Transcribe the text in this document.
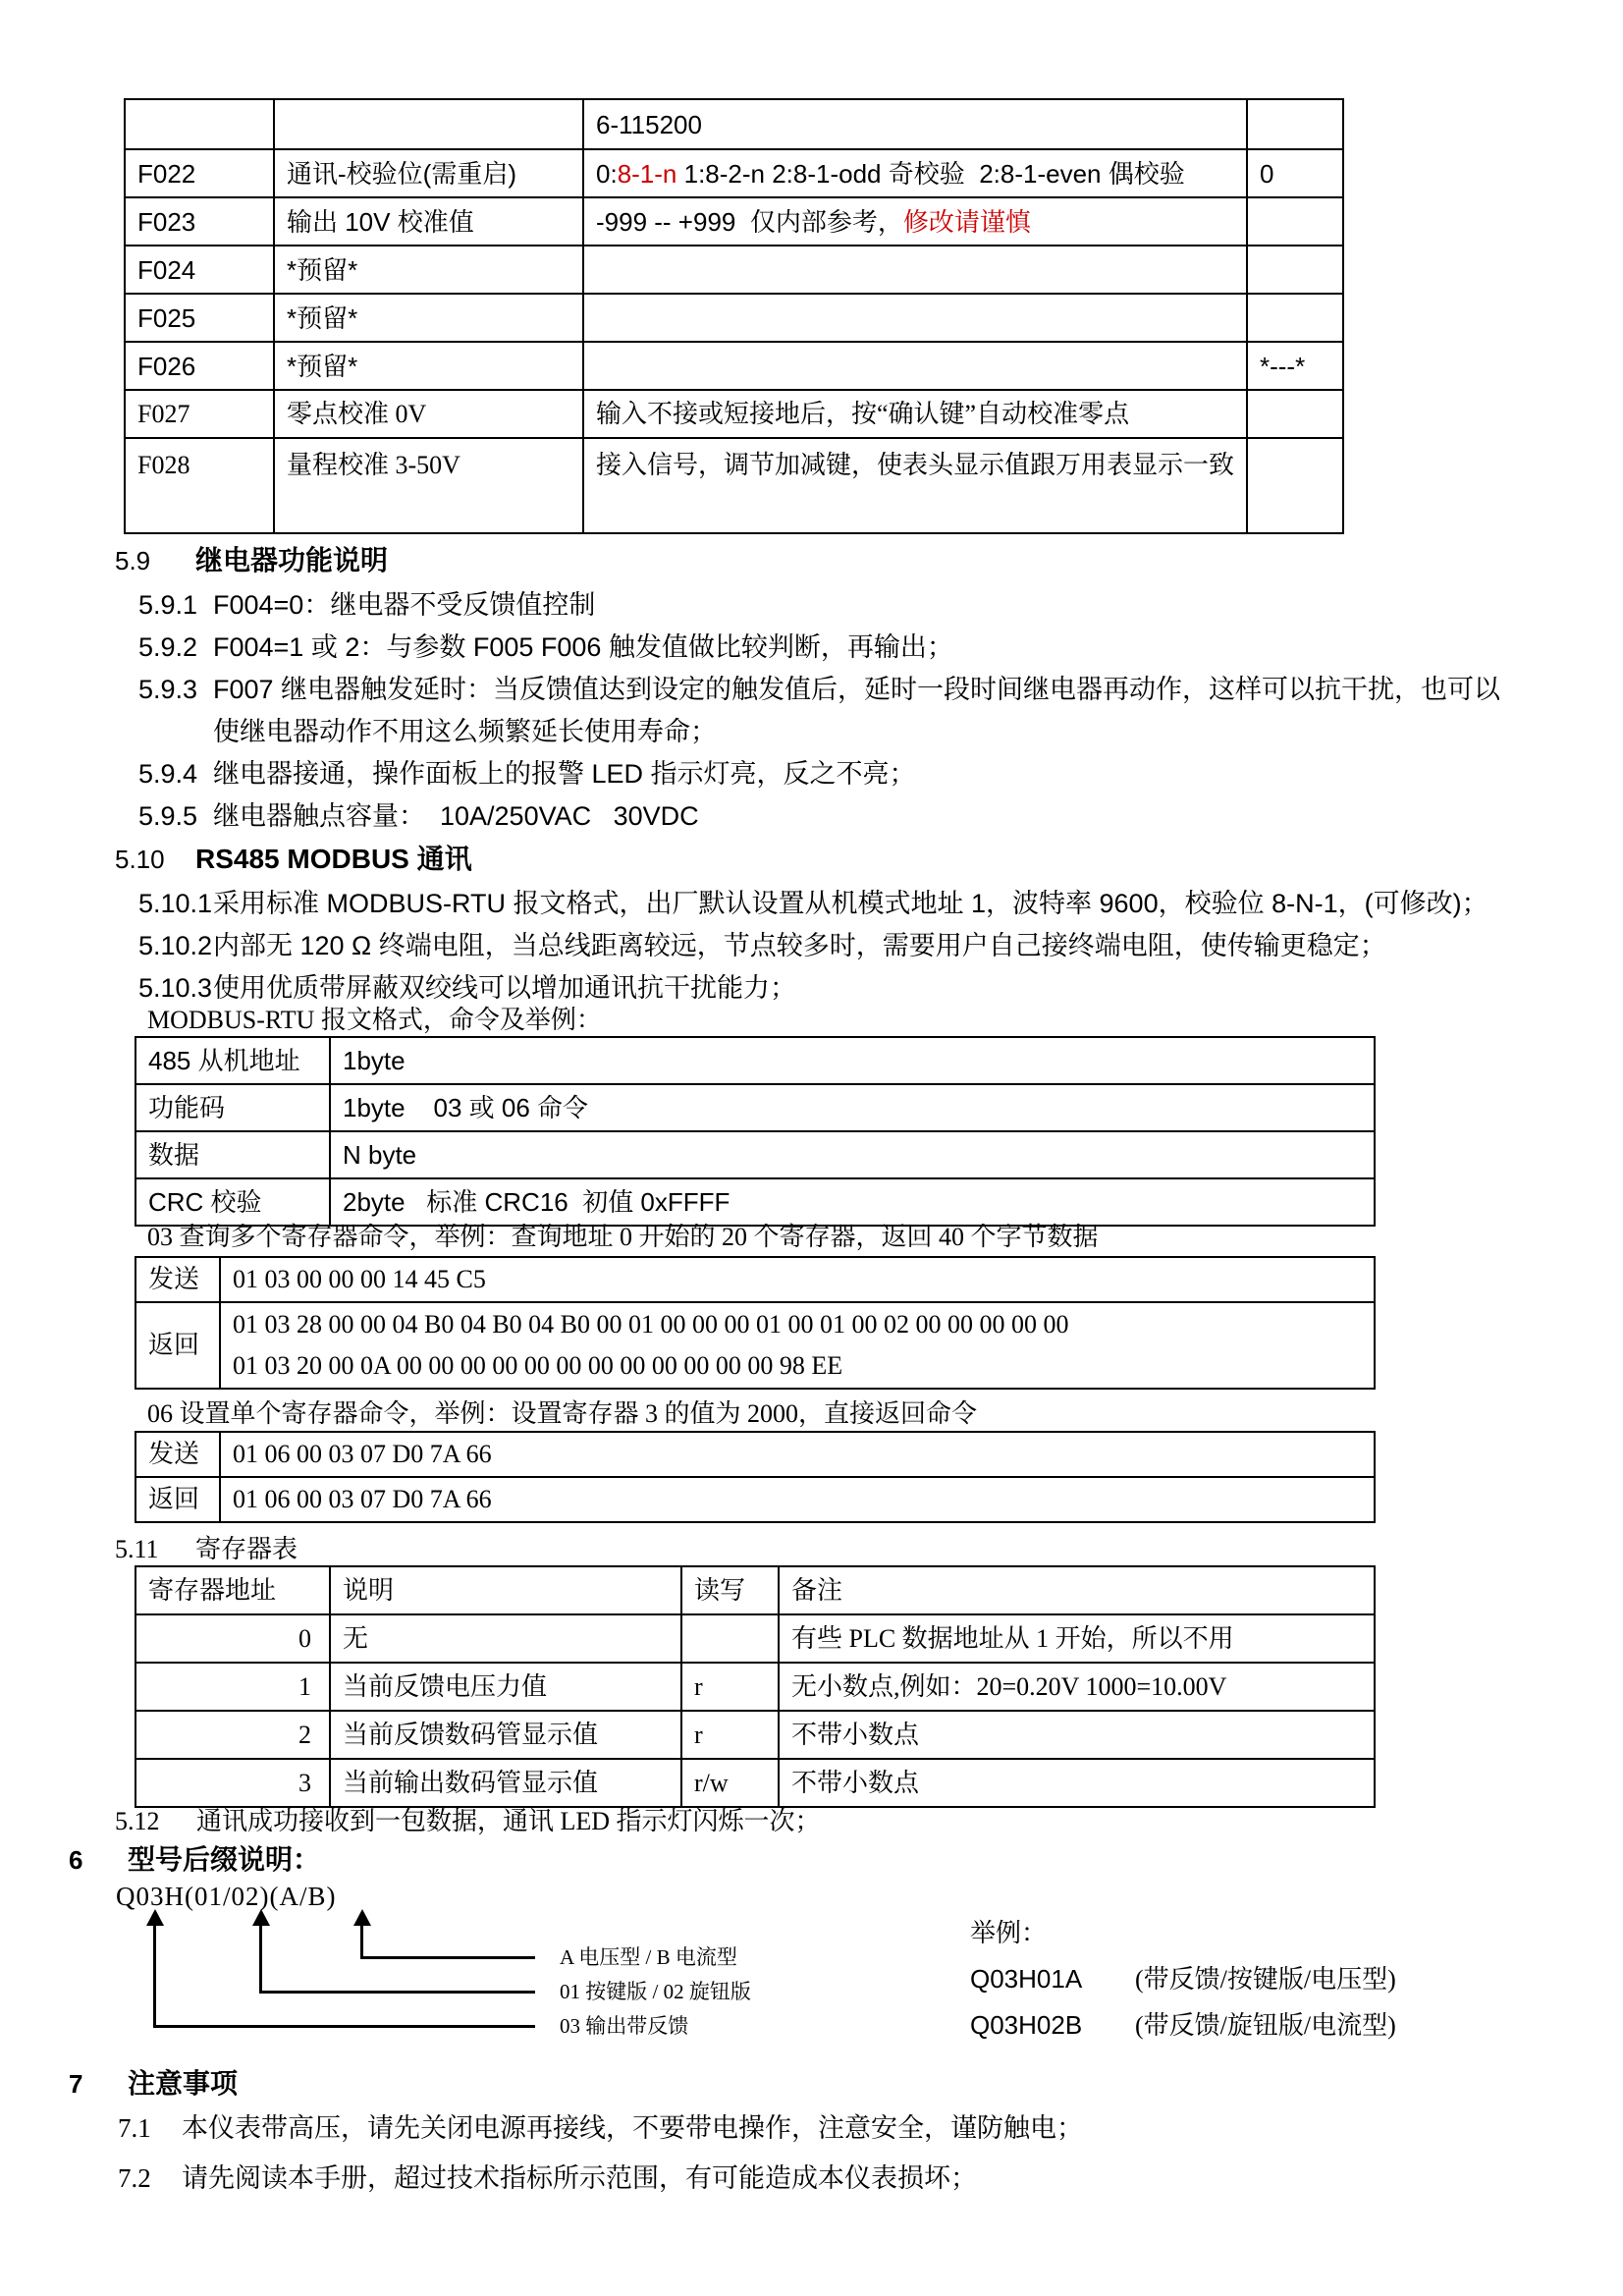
		6-115200	
F022	通讯-校验位(需重启)	0:8-1-n 1:8-2-n 2:8-1-odd 奇校验  2:8-1-even 偶校验	0
F023	输出 10V 校准值	-999 -- +999  仅内部参考，修改请谨慎	
F024	*预留*		
F025	*预留*		
F026	*预留*		*---*
F027	零点校准 0V	输入不接或短接地后，按“确认键”自动校准零点	
F028	量程校准 3-50V	接入信号，调节加减键，使表头显示值跟万用表显示一致	
5.9 继电器功能说明
5.9.1 F004=0：继电器不受反馈值控制
5.9.2 F004=1 或 2：与参数 F005 F006 触发值做比较判断，再输出；
5.9.3 F007 继电器触发延时：当反馈值达到设定的触发值后，延时一段时间继电器再动作，这样可以抗干扰，也可以使继电器动作不用这么频繁延长使用寿命；
5.9.4 继电器接通，操作面板上的报警 LED 指示灯亮，反之不亮；
5.9.5 继电器触点容量：  10A/250VAC   30VDC
5.10 RS485 MODBUS 通讯
5.10.1 采用标准 MODBUS-RTU 报文格式，出厂默认设置从机模式地址 1，波特率 9600，校验位 8-N-1，(可修改)；
5.10.2 内部无 120 Ω 终端电阻，当总线距离较远，节点较多时，需要用户自己接终端电阻，使传输更稳定；
5.10.3 使用优质带屏蔽双绞线可以增加通讯抗干扰能力；
MODBUS-RTU 报文格式，命令及举例：
485 从机地址	1byte
功能码	1byte    03 或 06 命令
数据	N byte
CRC 校验	2byte   标准 CRC16  初值 0xFFFF
03 查询多个寄存器命令，举例：查询地址 0 开始的 20 个寄存器，返回 40 个字节数据
发送	01 03 00 00 00 14 45 C5

返回	01 03 28 00 00 04 B0 04 B0 04 B0 00 01 00 00 00 01 00 01 00 02 00 00 00 00 00
01 03 20 00 0A 00 00 00 00 00 00 00 00 00 00 00 00 98 EE
06 设置单个寄存器命令，举例：设置寄存器 3 的值为 2000，直接返回命令
发送	01 06 00 03 07 D0 7A 66

返回	01 06 00 03 07 D0 7A 66
5.11 寄存器表
寄存器地址	说明	读写	备注

0	无		有些 PLC 数据地址从 1 开始，所以不用
1	当前反馈电压力值	r	无小数点,例如：20=0.20V 1000=10.00V
2	当前反馈数码管显示值	r	不带小数点
3	当前输出数码管显示值	r/w	不带小数点
5.12 通讯成功接收到一包数据，通讯 LED 指示灯闪烁一次；
6 型号后缀说明：
Q03H(01/02)(A/B)
A 电压型 / B 电流型
01 按键版 / 02 旋钮版
03 输出带反馈
举例：
Q03H01A (带反馈/按键版/电压型)
Q03H02B (带反馈/旋钮版/电流型)
7 注意事项
7.1 本仪表带高压，请先关闭电源再接线，不要带电操作，注意安全，谨防触电；
7.2 请先阅读本手册，超过技术指标所示范围，有可能造成本仪表损坏；
